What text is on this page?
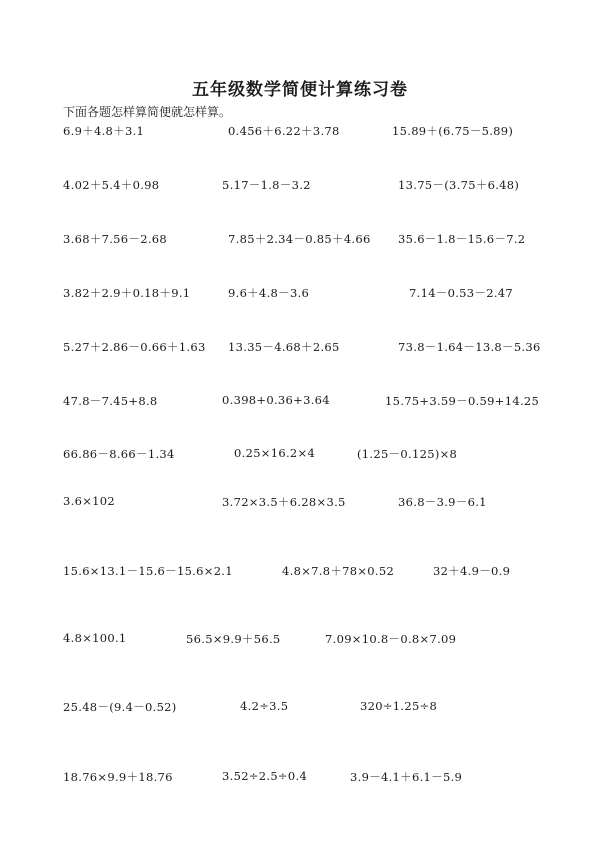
五年级数学简便计算练习卷
下面各题怎样算简便就怎样算。
6.9＋4.8＋3.1	0.456＋6.22＋3.78	15.89＋(6.75－5.89)
4.02＋5.4＋0.98	5.17－1.8－3.2	13.75－(3.75＋6.48)
3.68＋7.56－2.68	7.85＋2.34－0.85＋4.66 35.6－1.8－15.6－7.2
3.82＋2.9＋0.18＋9.1	9.6＋4.8－3.6	7.14－0.53－2.47
5.27＋2.86－0.66＋1.63 13.35－4.68＋2.65	73.8－1.64－13.8－5.36
47.8－7.45+8.8	0.398+0.36+3.64	15.75+3.59－0.59+14.25
66.86－8.66－1.34	0.25×16.2×4	(1.25－0.125)×8
3.6×102	3.72×3.5＋6.28×3.5	36.8－3.9－6.1
15.6×13.1－15.6－15.6×2.1	4.8×7.8＋78×0.52	32＋4.9－0.9
4.8×100.1	56.5×9.9＋56.5	7.09×10.8－0.8×7.09
25.48－(9.4－0.52)	4.2÷3.5	320÷1.25÷8
18.76×9.9＋18.76	3.52÷2.5÷0.4	3.9－4.1＋6.1－5.9
